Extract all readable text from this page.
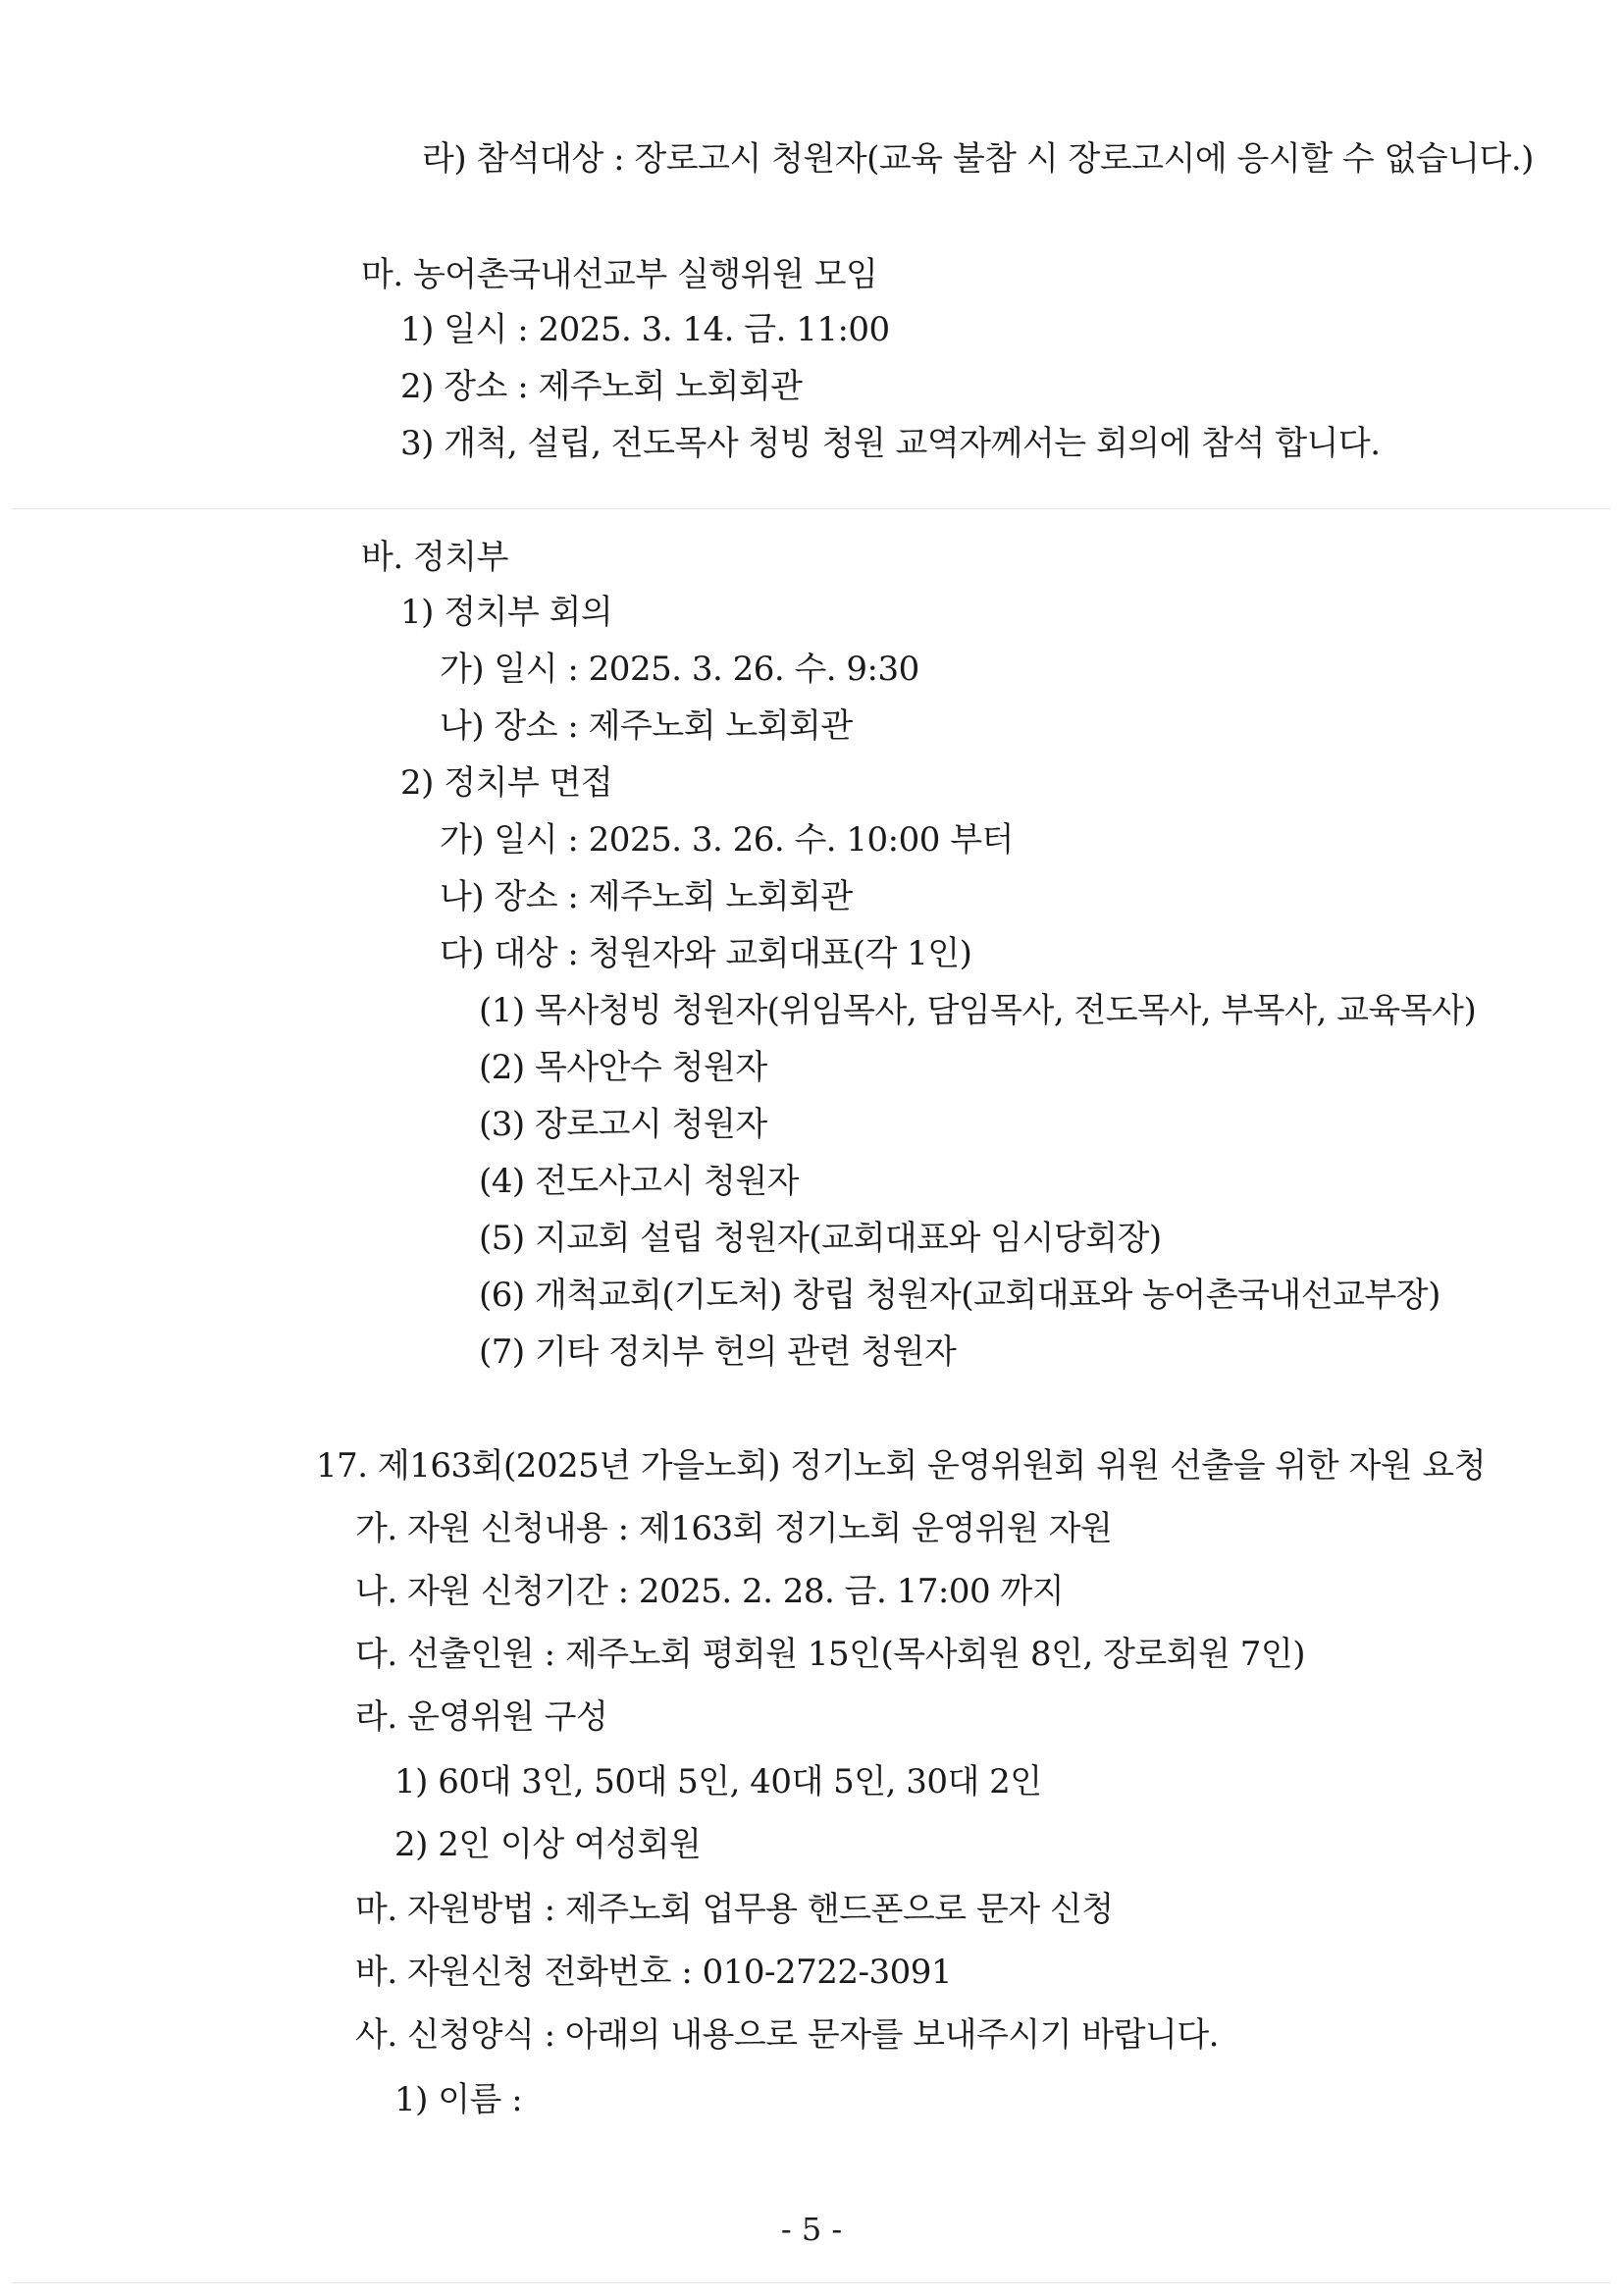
라) 참석대상 : 장로고시 청원자(교육 불참 시 장로고시에 응시할 수 없습니다.)
마. 농어촌국내선교부 실행위원 모임
1) 일시 : 2025. 3. 14. 금. 11:00
2) 장소 : 제주노회 노회회관
3) 개척, 설립, 전도목사 청빙 청원 교역자께서는 회의에 참석 합니다.
바. 정치부
1) 정치부 회의
가) 일시 : 2025. 3. 26. 수. 9:30
나) 장소 : 제주노회 노회회관
2) 정치부 면접
가) 일시 : 2025. 3. 26. 수. 10:00 부터
나) 장소 : 제주노회 노회회관
다) 대상 : 청원자와 교회대표(각 1인)
(1) 목사청빙 청원자(위임목사, 담임목사, 전도목사, 부목사, 교육목사)
(2) 목사안수 청원자
(3) 장로고시 청원자
(4) 전도사고시 청원자
(5) 지교회 설립 청원자(교회대표와 임시당회장)
(6) 개척교회(기도처) 창립 청원자(교회대표와 농어촌국내선교부장)
(7) 기타 정치부 헌의 관련 청원자
17. 제163회(2025년 가을노회) 정기노회 운영위원회 위원 선출을 위한 자원 요청
가. 자원 신청내용 : 제163회 정기노회 운영위원 자원
나. 자원 신청기간 : 2025. 2. 28. 금. 17:00 까지
다. 선출인원 : 제주노회 평회원 15인(목사회원 8인, 장로회원 7인)
라. 운영위원 구성
1) 60대 3인, 50대 5인, 40대 5인, 30대 2인
2) 2인 이상 여성회원
마. 자원방법 : 제주노회 업무용 핸드폰으로 문자 신청
바. 자원신청 전화번호 : 010-2722-3091
사. 신청양식 : 아래의 내용으로 문자를 보내주시기 바랍니다.
1) 이름 :
- 5 -
